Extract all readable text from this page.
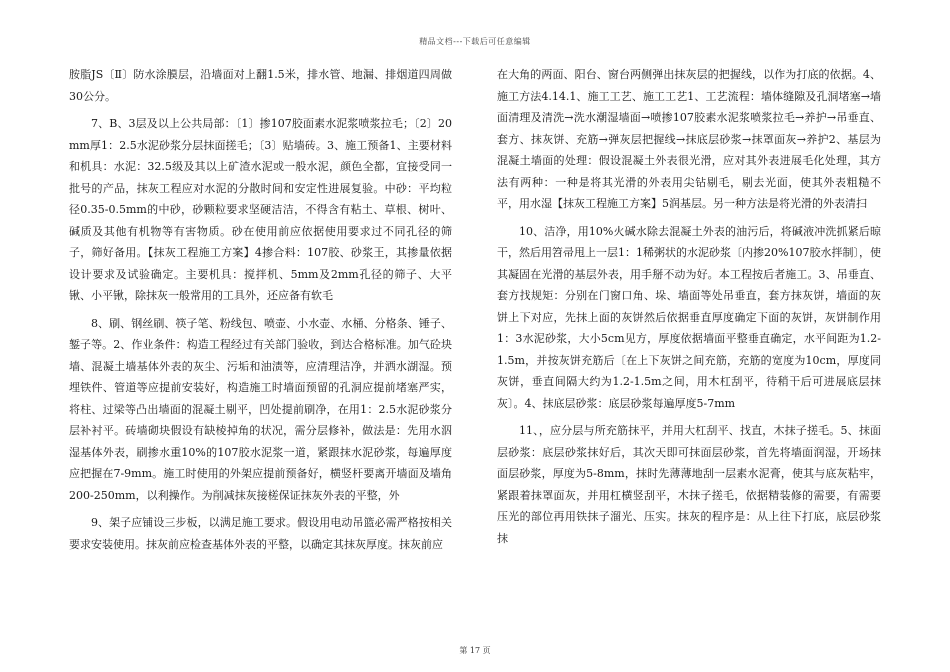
精品文档---下载后可任意编辑

胺脂JS〔Ⅱ〕防水涂膜层，沿墙面对上翻1.5米，排水管、地漏、排烟道四周做30公分。

7、B、3层及以上公共局部：〔1〕掺107胶面素水泥浆喷浆拉毛；〔2〕20mm厚1：2.5水泥砂浆分层抹面搓毛；〔3〕贴墙砖。3、施工预备1、主要材料和机具：水泥：32.5级及其以上矿渣水泥或一般水泥，颜色全都，宜接受同一批号的产品，抹灰工程应对水泥的分散时间和安定性进展复验。中砂：平均粒径0.35-0.5mm的中砂，砂颗粒要求坚硬洁洁，不得含有粘土、草根、树叶、碱质及其他有机物等有害物质。砂在使用前应依据使用要求过不同孔径的筛子，筛好备用。【抹灰工程施工方案】4掺合料：107胶、砂浆王，其掺量依据设计要求及试验确定。主要机具：搅拌机、5mm及2mm孔径的筛子、大平锹、小平锹，除抹灰一般常用的工具外，还应备有软毛

8、刷、钢丝刷、筷子笔、粉线包、喷壶、小水壶、水桶、分格条、锤子、錾子等。2、作业条件：构造工程经过有关部门验收，到达合格标准。加气砼块墙、混凝土墙基体外表的灰尘、污垢和油渍等，应清理洁净，并洒水湖湿。预埋铁件、管道等应提前安装好，构造施工时墙面预留的孔洞应提前堵塞严实，将柱、过梁等凸出墙面的混凝土剔平，凹处提前刷净，在用1：2.5水泥砂浆分层补衬平。砖墙砌块假设有缺棱掉角的状况，需分层修补，做法是：先用水泅湿基体外表，刷掺水重10%的107胶水泥浆一道，紧跟抹水泥砂浆，每遍厚度应把握在7-9mm。施工时使用的外架应提前预备好，横竖杆要离开墙面及墙角200-250mm，以利操作。为削减抹灰接槎保证抹灰外表的平整，外

9、架子应铺设三步板，以满足施工要求。假设用电动吊篮必需严格按相关要求安装使用。抹灰前应检查基体外表的平整，以确定其抹灰厚度。抹灰前应

在大角的两面、阳台、窗台两侧弹出抹灰层的把握线，以作为打底的依据。4、施工方法4.14.1、施工工艺、施工工艺1、工艺流程：墙体缝隙及孔洞堵塞→墙面清理及清洗→洗水潮湿墙面→喷掺107胶素水泥浆喷浆拉毛→养护→吊垂直、套方、抹灰饼、充筋→弹灰层把握线→抹底层砂浆→抹罩面灰→养护2、基层为混凝土墙面的处理：假设混凝土外表很光滑，应对其外表进展毛化处理，其方法有两种：一种是将其光滑的外表用尖钻剔毛，剔去光面，使其外表粗糙不平，用水湿【抹灰工程施工方案】5润基层。另一种方法是将光滑的外表清扫

10、洁净，用10%火碱水除去混凝土外表的油污后，将碱液冲洗抓紧后晾干，然后用笤帚甩上一层1：1稀粥状的水泥砂浆〔内掺20%107胶水拌制〕，使其凝固在光滑的基层外表，用手掰不动为好。本工程按后者施工。3、吊垂直、套方找规矩：分别在门窗口角、垛、墙面等处吊垂直，套方抹灰饼，墙面的灰饼上下对应，先抹上面的灰饼然后依据垂直厚度确定下面的灰饼，灰饼制作用1：3水泥砂浆，大小5cm见方，厚度依据墙面平整垂直确定，水平间距为1.2-1.5m，并按灰饼充筋后〔在上下灰饼之间充筋，充筋的宽度为10cm，厚度同灰饼，垂直间隔大约为1.2-1.5m之间，用木杠刮平，待稍干后可进展底层抹灰〕。4、抹底层砂浆：底层砂浆每遍厚度5-7mm

11、，应分层与所充筋抹平，并用大杠刮平、找直，木抹子搓毛。5、抹面层砂浆：底层砂浆抹好后，其次天即可抹面层砂浆，首先将墙面润湿，开场抹面层砂浆，厚度为5-8mm，抹时先薄薄地刮一层素水泥膏，使其与底灰粘牢，紧跟着抹罩面灰，并用杠横竖刮平，木抹子搓毛，依据精装修的需要，有需要压光的部位再用铁抹子溜光、压实。抹灰的程序是：从上往下打底，底层砂浆抹

第 17 页
